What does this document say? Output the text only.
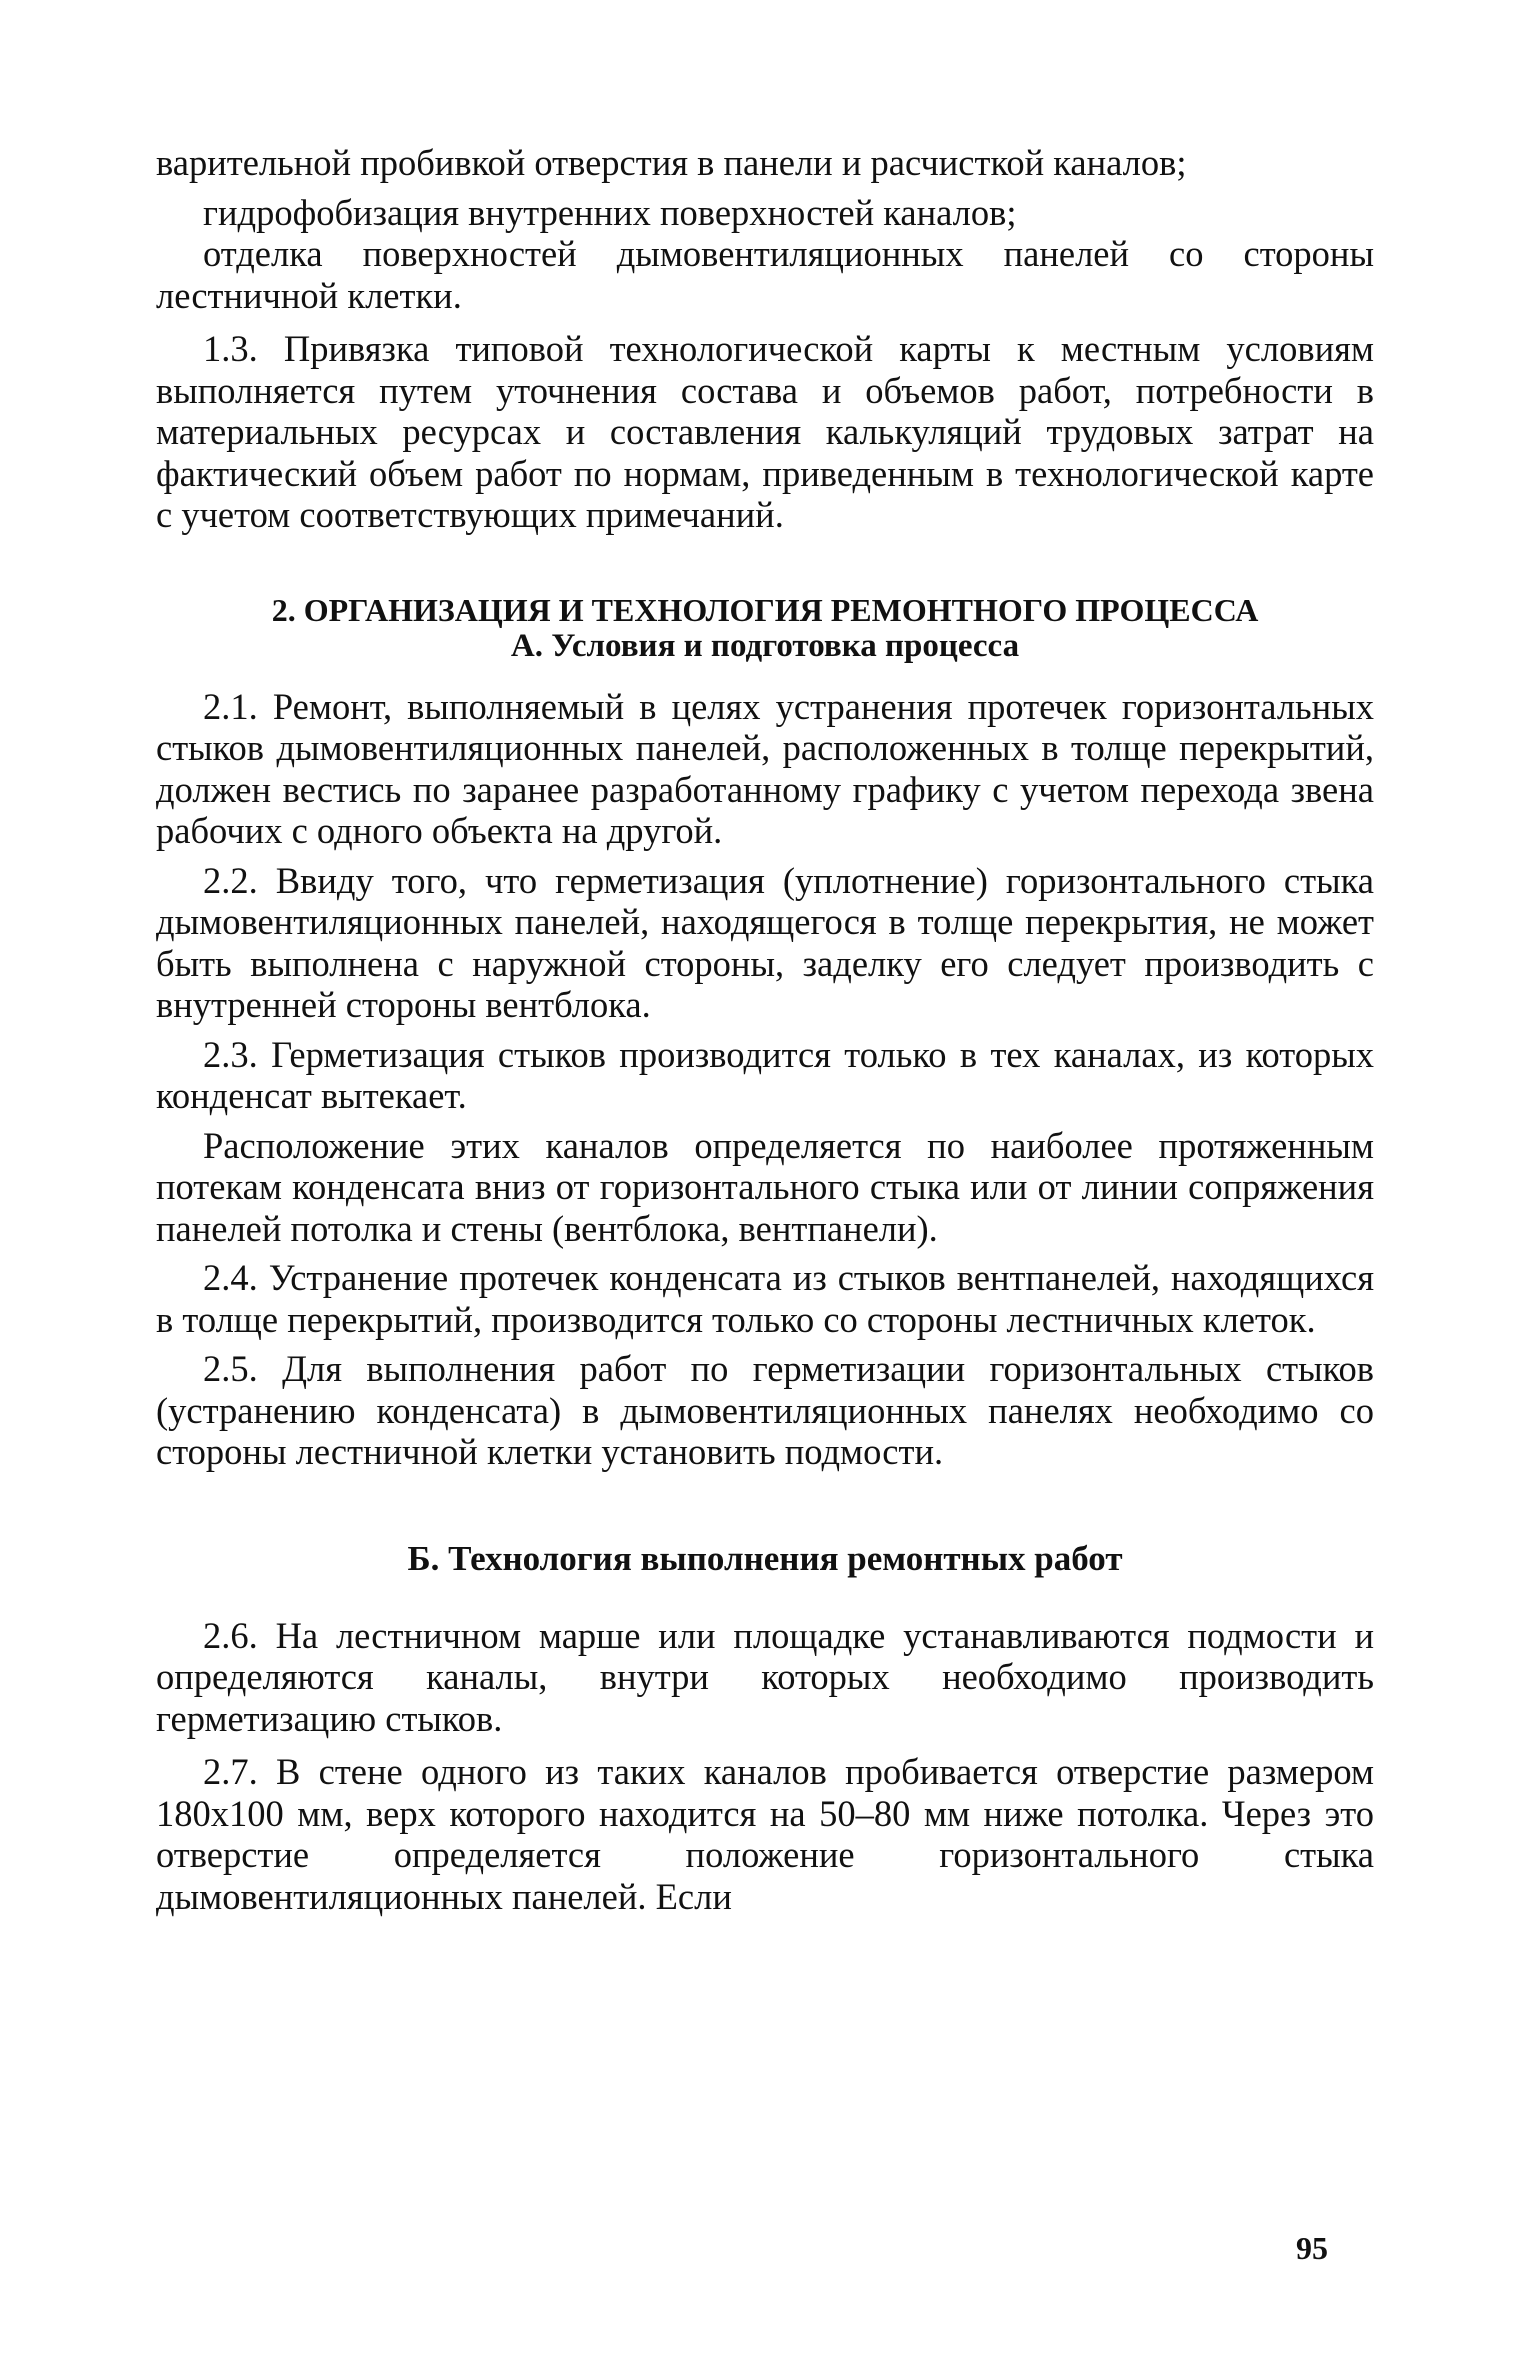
варительной пробивкой отверстия в панели и расчисткой каналов;

гидрофобизация внутренних поверхностей каналов;

отделка поверхностей дымовентиляционных панелей со стороны лестничной клетки.

1.3. Привязка типовой технологической карты к местным условиям выполняется путем уточнения состава и объемов работ, потребности в материальных ресурсах и составления калькуляций трудовых затрат на фактический объем работ по нормам, приведенным в технологической карте с учетом соответствующих примечаний.

2. ОРГАНИЗАЦИЯ И ТЕХНОЛОГИЯ РЕМОНТНОГО ПРОЦЕССА
А. Условия и подготовка процесса

2.1. Ремонт, выполняемый в целях устранения протечек горизонтальных стыков дымовентиляционных панелей, расположенных в толще перекрытий, должен вестись по заранее разработанному графику с учетом перехода звена рабочих с одного объекта на другой.

2.2. Ввиду того, что герметизация (уплотнение) горизонтального стыка дымовентиляционных панелей, находящегося в толще перекрытия, не может быть выполнена с наружной стороны, заделку его следует производить с внутренней стороны вентблока.

2.3. Герметизация стыков производится только в тех каналах, из которых конденсат вытекает.

Расположение этих каналов определяется по наиболее протяженным потекам конденсата вниз от горизонтального стыка или от линии сопряжения панелей потолка и стены (вентблока, вентпанели).

2.4. Устранение протечек конденсата из стыков вентпанелей, находящихся в толще перекрытий, производится только со стороны лестничных клеток.

2.5. Для выполнения работ по герметизации горизонтальных стыков (устранению конденсата) в дымовентиляционных панелях необходимо со стороны лестничной клетки установить подмости.

Б. Технология выполнения ремонтных работ

2.6. На лестничном марше или площадке устанавливаются подмости и определяются каналы, внутри которых необходимо производить герметизацию стыков.

2.7. В стене одного из таких каналов пробивается отверстие размером 180x100 мм, верх которого находится на 50–80 мм ниже потолка. Через это отверстие определяется положение горизонтального стыка дымовентиляционных панелей. Если

95
